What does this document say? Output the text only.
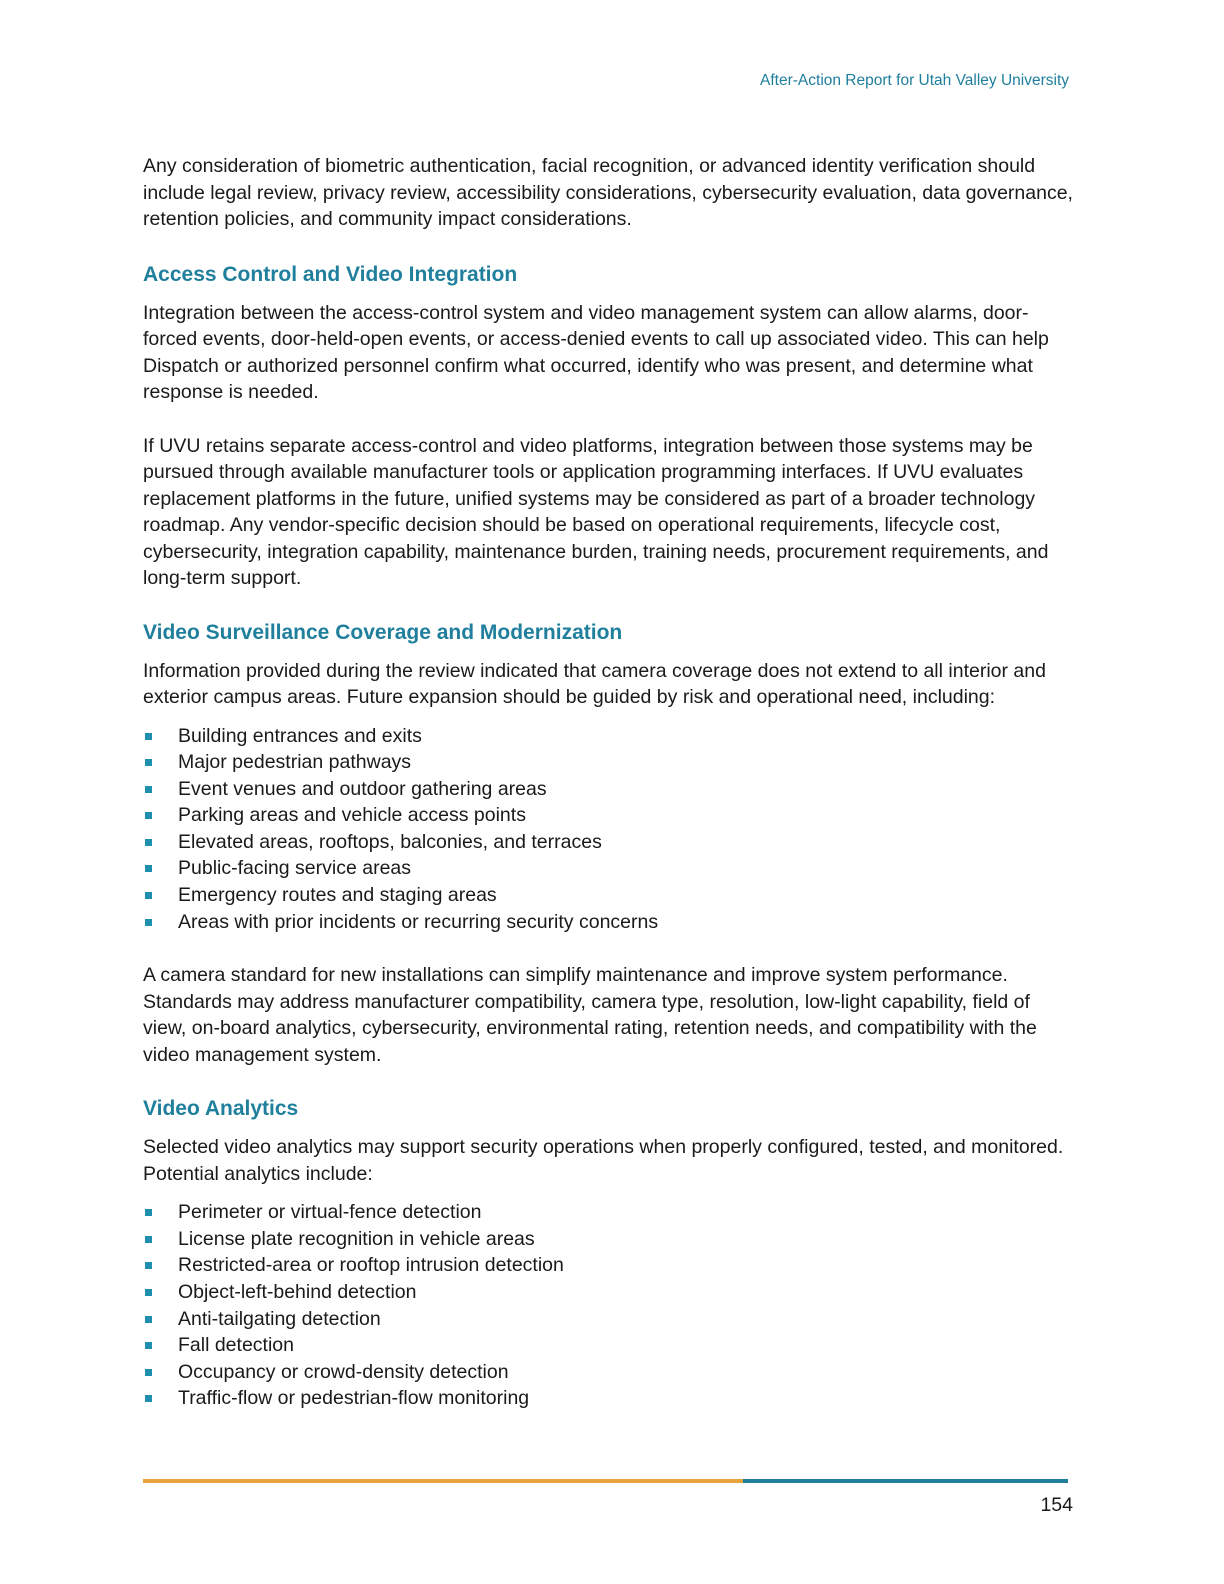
After-Action Report for Utah Valley University

Any consideration of biometric authentication, facial recognition, or advanced identity verification should include legal review, privacy review, accessibility considerations, cybersecurity evaluation, data governance, retention policies, and community impact considerations.

Access Control and Video Integration

Integration between the access-control system and video management system can allow alarms, door-forced events, door-held-open events, or access-denied events to call up associated video. This can help Dispatch or authorized personnel confirm what occurred, identify who was present, and determine what response is needed.

If UVU retains separate access-control and video platforms, integration between those systems may be pursued through available manufacturer tools or application programming interfaces. If UVU evaluates replacement platforms in the future, unified systems may be considered as part of a broader technology roadmap. Any vendor-specific decision should be based on operational requirements, lifecycle cost, cybersecurity, integration capability, maintenance burden, training needs, procurement requirements, and long-term support.

Video Surveillance Coverage and Modernization

Information provided during the review indicated that camera coverage does not extend to all interior and exterior campus areas. Future expansion should be guided by risk and operational need, including:

Building entrances and exits
Major pedestrian pathways
Event venues and outdoor gathering areas
Parking areas and vehicle access points
Elevated areas, rooftops, balconies, and terraces
Public-facing service areas
Emergency routes and staging areas
Areas with prior incidents or recurring security concerns

A camera standard for new installations can simplify maintenance and improve system performance. Standards may address manufacturer compatibility, camera type, resolution, low-light capability, field of view, on-board analytics, cybersecurity, environmental rating, retention needs, and compatibility with the video management system.

Video Analytics

Selected video analytics may support security operations when properly configured, tested, and monitored. Potential analytics include:

Perimeter or virtual-fence detection
License plate recognition in vehicle areas
Restricted-area or rooftop intrusion detection
Object-left-behind detection
Anti-tailgating detection
Fall detection
Occupancy or crowd-density detection
Traffic-flow or pedestrian-flow monitoring
154
